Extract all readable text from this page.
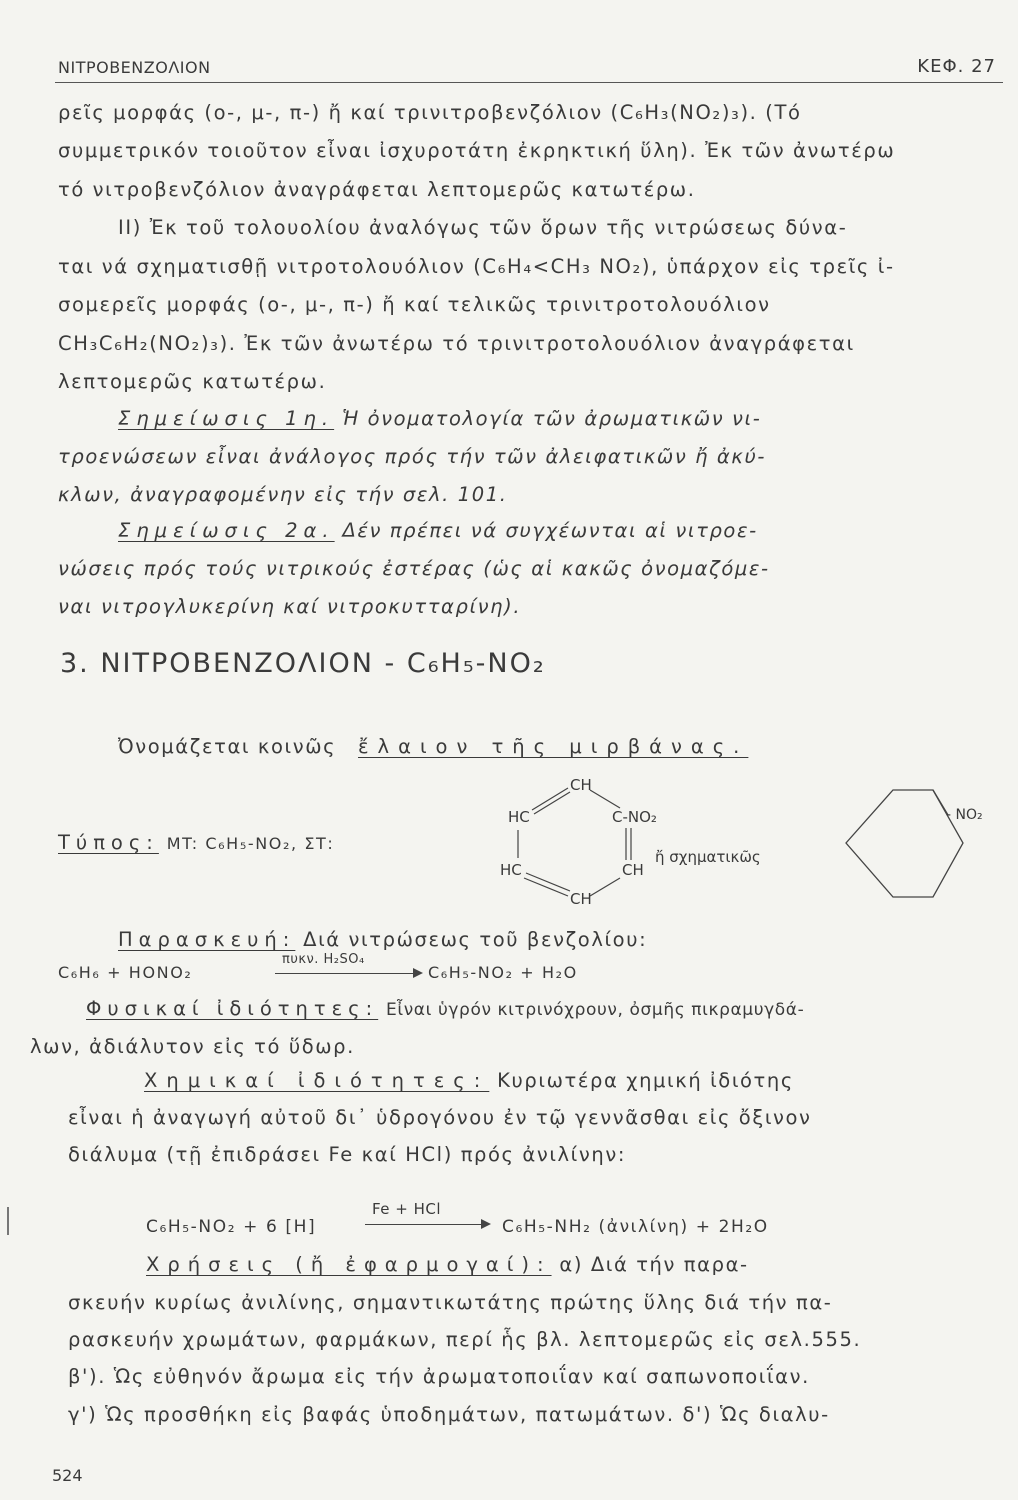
NITPOBENZOΛΙΟΝ	ΚΕΦ. 27
ρεῖς μορφάς (ο-, μ-, π-) ἤ καί τρινιτροβενζόλιον (C₆H₃(NO₂)₃). (Τό
συμμετρικόν τοιοῦτον εἶναι ἰσχυροτάτη ἐκρηκτική ὕλη). Ἐκ τῶν ἀνωτέρω
τό νιτροβενζόλιον ἀναγράφεται λεπτομερῶς κατωτέρω.
II) Ἐκ τοῦ τολουολίου ἀναλόγως τῶν ὅρων τῆς νιτρώσεως δύνα-
ται νά σχηματισθῇ νιτροτολουόλιον (C₆H₄<CH₃ NO₂), ὑπάρχον εἰς τρεῖς ἰ-
σομερεῖς μορφάς (ο-, μ-, π-) ἤ καί τελικῶς τρινιτροτολουόλιον
CH₃C₆H₂(NO₂)₃). Ἐκ τῶν ἀνωτέρω τό τρινιτροτολουόλιον ἀναγράφεται
λεπτομερῶς κατωτέρω.
Σημείωσις 1η. Ἡ ὀνοματολογία τῶν ἀρωματικῶν νι-
τροενώσεων εἶναι ἀνάλογος πρός τήν τῶν ἀλειφατικῶν ἤ ἀκύ-
κλων, ἀναγραφομένην εἰς τήν σελ. 101.
Σημείωσις 2α. Δέν πρέπει νά συγχέωνται αἱ νιτροε-
νώσεις πρός τούς νιτρικούς ἐστέρας (ὡς αἱ κακῶς ὀνομαζόμε-
ναι νιτρογλυκερίνη καί νιτροκυτταρίνη).
3. NITPOBENZOΛΙΟΝ - C₆H₅-NO₂
Ὀνομάζεται κοινῶς ἔλαιον τῆς μιρβάνας.
Τύπος: MT: C₆H₅-NO₂, ΣΤ:
CH
HC	C-NO₂
HC	CH
CH
ἤ σχηματικῶς
- NO₂
Παρασκευή: Διά νιτρώσεως τοῦ βενζολίου:
C₆H₆ + HONO₂
πυκν. H₂SO₄
C₆H₅-NO₂ + H₂O
Φυσικαί ἰδιότητες: Εἶναι ὑγρόν κιτρινόχρουν, ὀσμῆς πικραμυγδά-
λων, ἀδιάλυτον εἰς τό ὕδωρ.
Χημικαί ἰδιότητες: Κυριωτέρα χημική ἰδιότης
εἶναι ἡ ἀναγωγή αὐτοῦ δι᾿ ὑδρογόνου ἐν τῷ γεννᾶσθαι εἰς ὄξινον
διάλυμα (τῇ ἐπιδράσει Fe καί HCl) πρός ἀνιλίνην:
C₆H₅-NO₂ + 6 [H]
Fe + HCl
C₆H₅-NH₂ (ἀνιλίνη) + 2H₂O
Χρήσεις (ἤ ἐφαρμογαί): α) Διά τήν παρα-
σκευήν κυρίως ἀνιλίνης, σημαντικωτάτης πρώτης ὕλης διά τήν πα-
ρασκευήν χρωμάτων, φαρμάκων, περί ἧς βλ. λεπτομερῶς εἰς σελ.555.
β'). Ὡς εὐθηνόν ἄρωμα εἰς τήν ἀρωματοποιΐαν καί σαπωνοποιΐαν.
γ') Ὡς προσθήκη εἰς βαφάς ὑποδημάτων, πατωμάτων. δ') Ὡς διαλυ-
524
